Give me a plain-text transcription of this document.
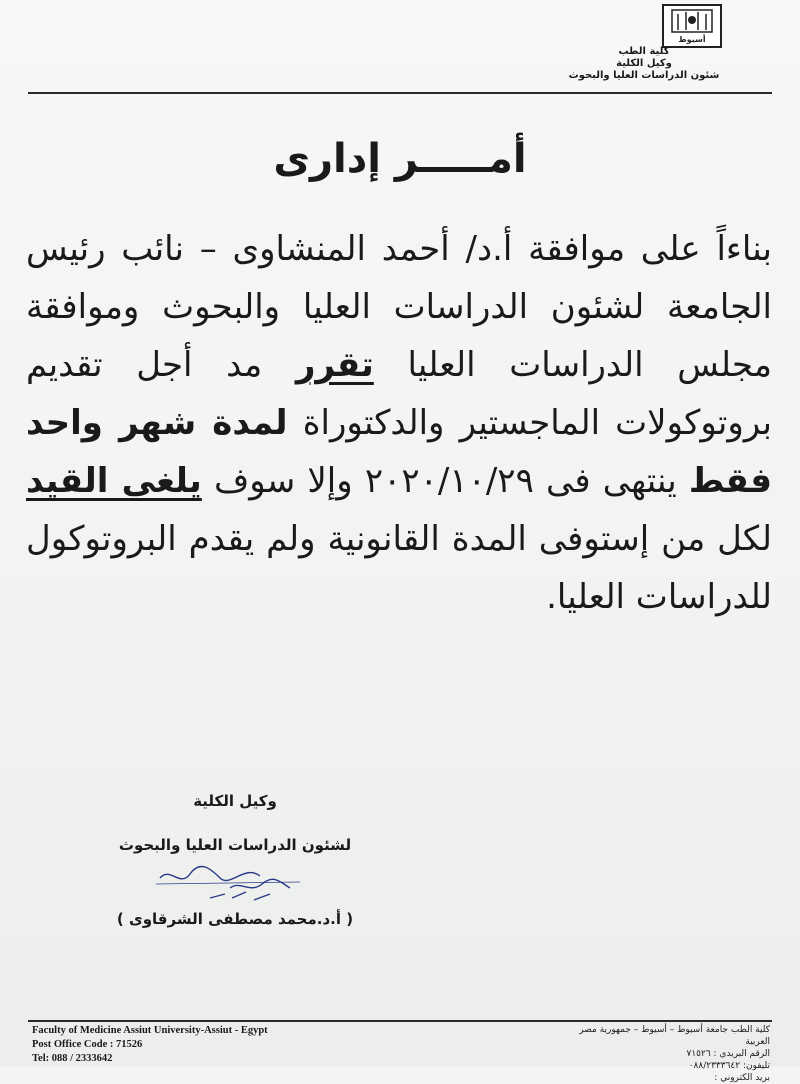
أسيوط
كلية الطب
وكيل الكلية
شئون الدراسات العليا والبحوث
أمـــــر إدارى
بناءاً على موافقة أ.د/ أحمد المنشاوى – نائب رئيس الجامعة لشئون الدراسات العليا والبحوث وموافقة مجلس الدراسات العليا تقرر مد أجل تقديم بروتوكولات الماجستير والدكتوراة لمدة شهر واحد فقط ينتهى فى ٢٠٢٠/١٠/٢٩ وإلا سوف يلغى القيد لكل من إستوفى المدة القانونية ولم يقدم البروتوكول للدراسات العليا.
وكيل الكلية
لشئون الدراسات العليا والبحوث
( أ.د.محمد مصطفى الشرقاوى )
Faculty of Medicine Assiut University-Assiut - Egypt
Post Office Code : 71526
Tel: 088 / 2333642
كلية الطب جامعة أسيوط – أسيوط – جمهورية مصر العربية
الرقم البريدي : ٧١٥٢٦
تليفون: ٠٨٨/٢٣٣٣٦٤٢
بريد الكتروني :
